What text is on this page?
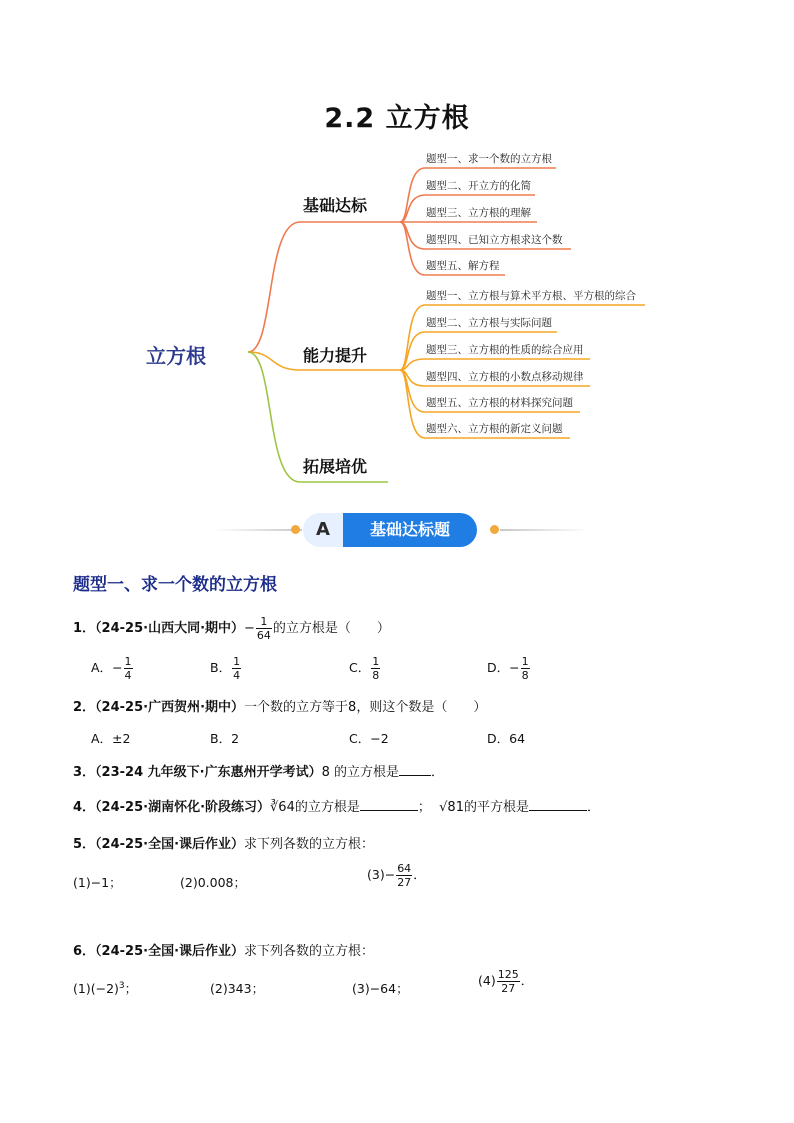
2.2 立方根
立方根
基础达标
能力提升
拓展培优
题型一、求一个数的立方根
题型二、开立方的化简
题型三、立方根的理解
题型四、已知立方根求这个数
题型五、解方程
题型一、立方根与算术平方根、平方根的综合
题型二、立方根与实际问题
题型三、立方根的性质的综合应用
题型四、立方根的小数点移动规律
题型五、立方根的材料探究问题
题型六、立方根的新定义问题
A	基础达标题
题型一、求一个数的立方根
1．（24-25·山西大同·期中）− $\frac{1}{64}$ 的立方根是（　　）
A．− $\frac{1}{4}$	B． $\frac{1}{4}$	C． $\frac{1}{8}$	D．− $\frac{1}{8}$
2．（24-25·广西贺州·期中）一个数的立方等于8，则这个数是（　　）
A．±2	B．2	C．−2	D．64
3．（23-24 九年级下·广东惠州开学考试）8 的立方根是 ．
4．（24-25·湖南怀化·阶段练习）∛64的立方根是	； √81的平方根是	．
5．（24-25·全国·课后作业）求下列各数的立方根：
(1)−1；	(2)0.008；
$(3)- \frac{64}{27}$ ．
6．（24-25·全国·课后作业）求下列各数的立方根：
$(1)(-2)^3$；	(2)343；	(3)−64；
$(4) \frac{125}{27}$ ．
